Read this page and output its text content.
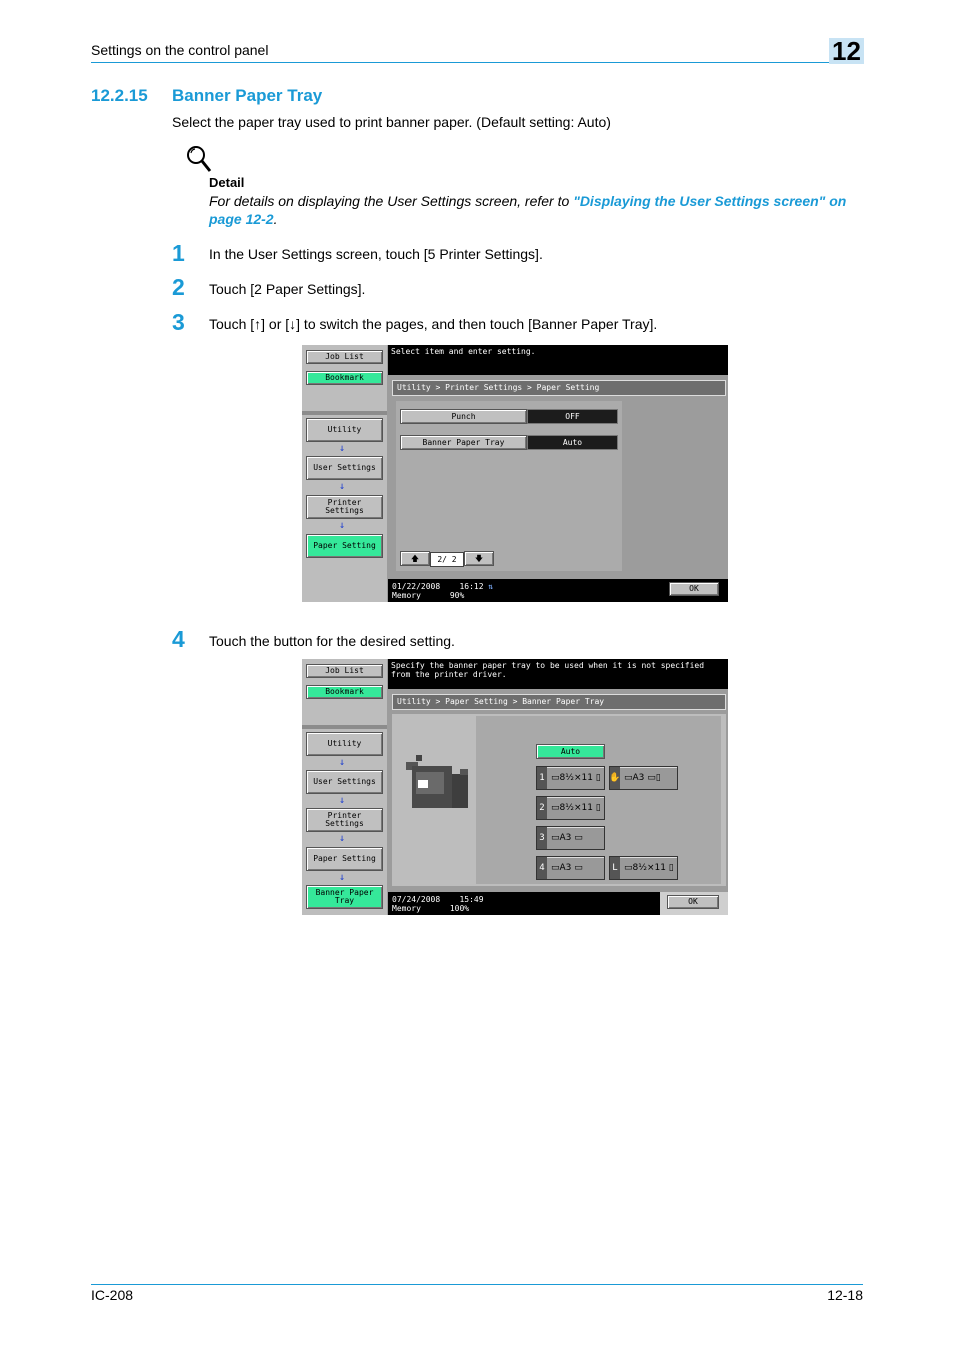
Settings on the control panel	12
12.2.15 Banner Paper Tray
Select the paper tray used to print banner paper. (Default setting: Auto)
Detail
For details on displaying the User Settings screen, refer to "Displaying the User Settings screen" on page 12-2.
1 In the User Settings screen, touch [5 Printer Settings].
2 Touch [2 Paper Settings].
3 Touch [↑] or [↓] to switch the pages, and then touch [Banner Paper Tray].
Job List
Bookmark
Utility
↓
User Settings
↓
Printer Settings
↓
Paper Setting
Select item and enter setting.
Utility > Printer Settings > Paper Setting
Punch	OFF
Banner Paper Tray	Auto
🡅	2/ 2	🡇
01/22/2008 16:12 ⇅
Memory	90%
OK
4 Touch the button for the desired setting.
Job List
Bookmark
Utility
↓
User Settings
↓
Printer Settings
↓
Paper Setting
↓
Banner Paper Tray
Specify the banner paper tray to be used when it is not specified from the printer driver.
Utility > Paper Setting > Banner Paper Tray
Auto
1 ▭8½×11 ▯ ✋ ▭A3 ▭▯
2 ▭8½×11 ▯
3 ▭A3 ▭
4 ▭A3 ▭	L ▭8½×11 ▯
07/24/2008 15:49
Memory	100%
OK
IC-208	12-18
